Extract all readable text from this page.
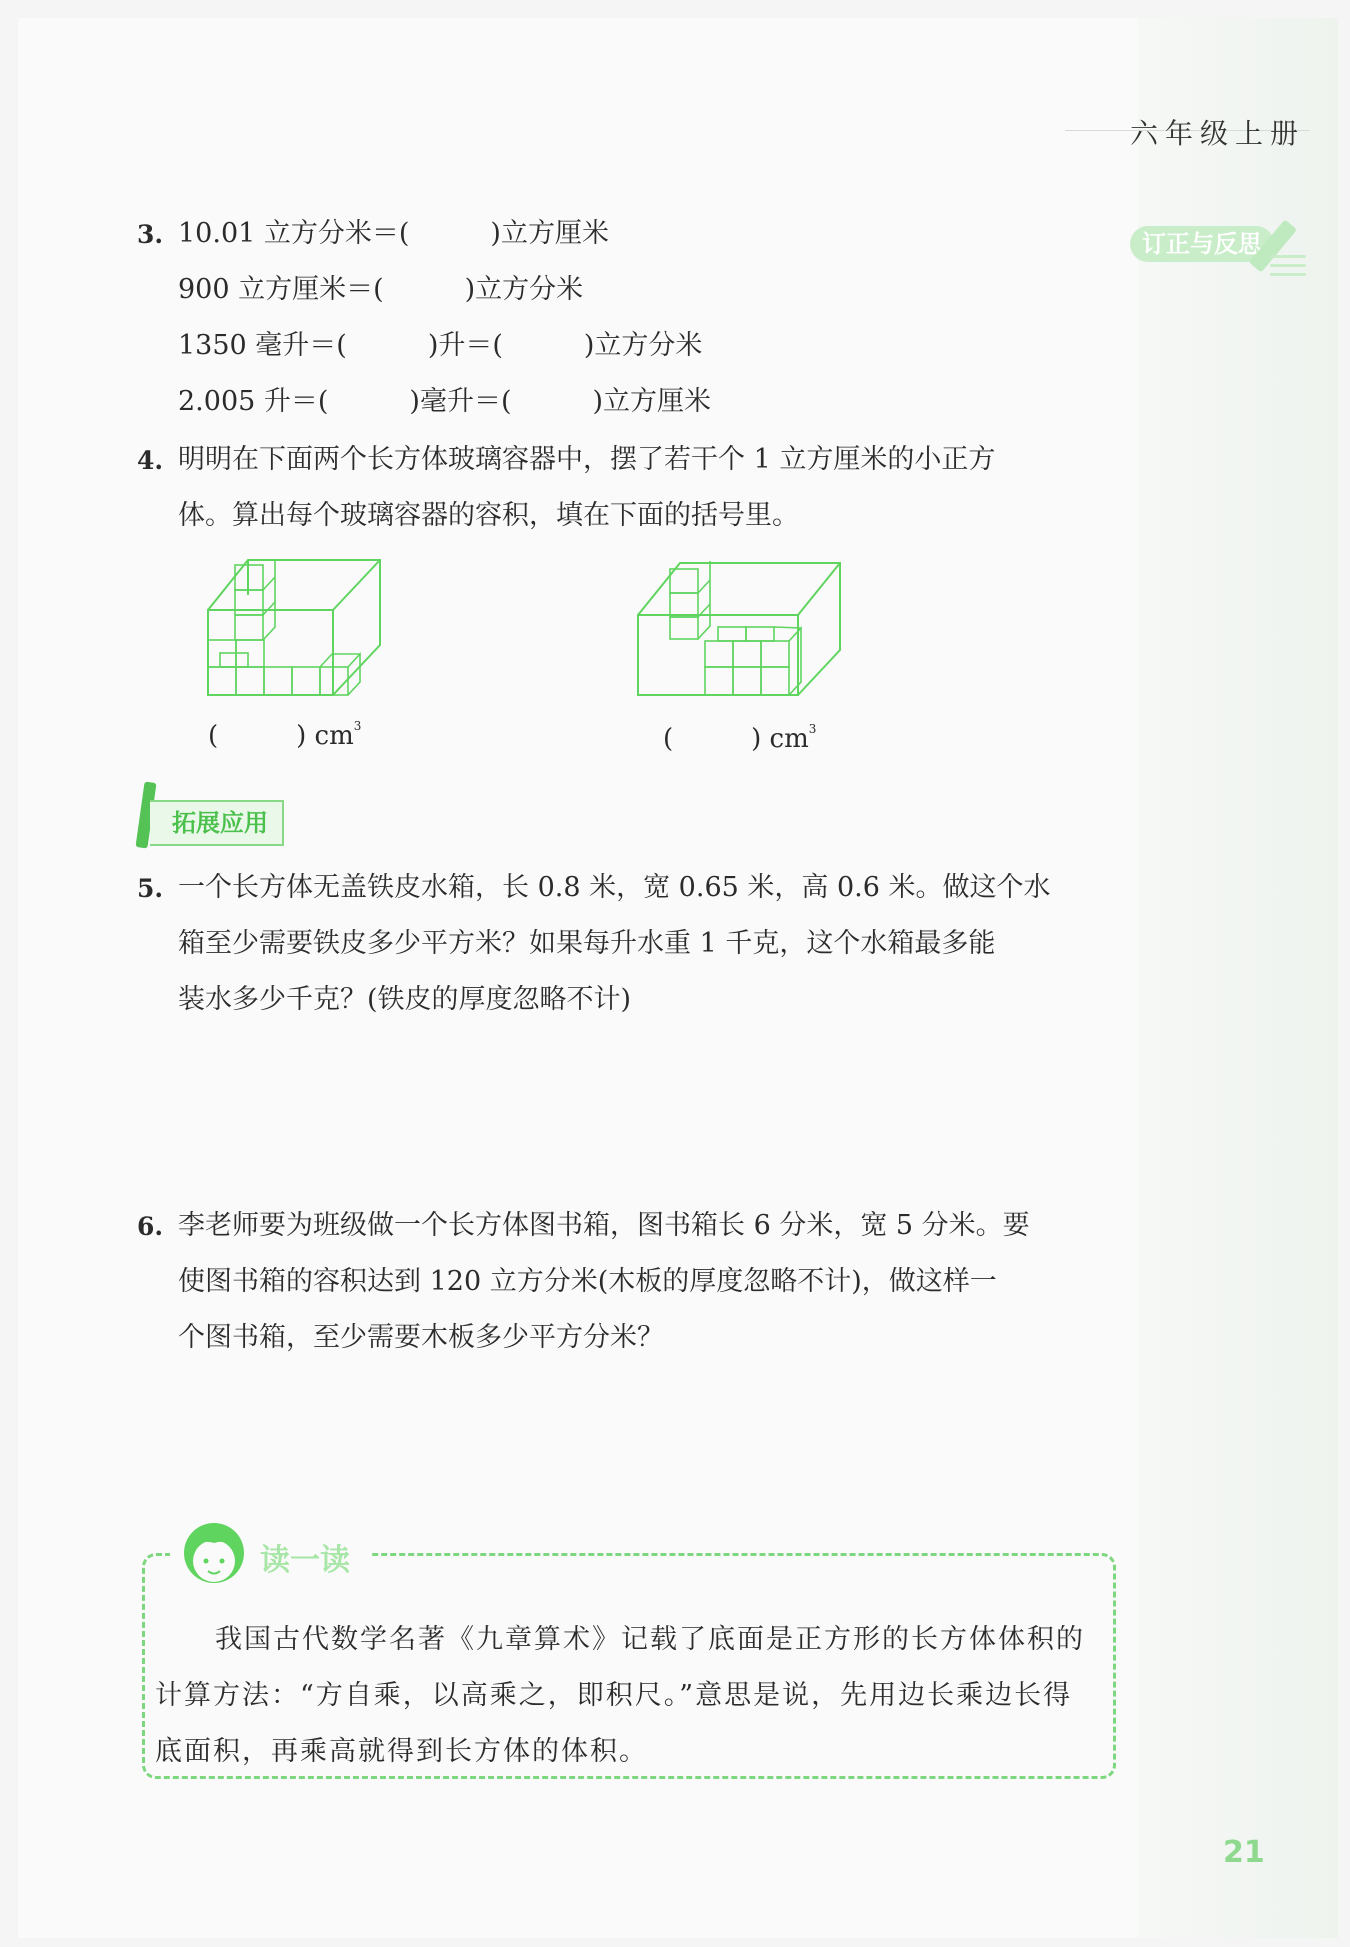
六年级上册
订正与反思
3. 10.01 立方分米＝(　　　)立方厘米
900 立方厘米＝(　　　)立方分米
1350 毫升＝(　　　)升＝(　　　)立方分米
2.005 升＝(　　　)毫升＝(　　　)立方厘米
4. 明明在下面两个长方体玻璃容器中，摆了若干个 1 立方厘米的小正方
体。算出每个玻璃容器的容积，填在下面的括号里。
(　　　) $cm^3$	(　　　) $cm^3$
拓展应用
5. 一个长方体无盖铁皮水箱，长 0.8 米，宽 0.65 米，高 0.6 米。做这个水
箱至少需要铁皮多少平方米？如果每升水重 1 千克，这个水箱最多能
装水多少千克？(铁皮的厚度忽略不计)
6. 李老师要为班级做一个长方体图书箱，图书箱长 6 分米，宽 5 分米。要
使图书箱的容积达到 120 立方分米(木板的厚度忽略不计)，做这样一
个图书箱，至少需要木板多少平方分米？
读一读
我国古代数学名著《九章算术》记载了底面是正方形的长方体体积的计算方法：“方自乘，以高乘之，即积尺。”意思是说，先用边长乘边长得底面积，再乘高就得到长方体的体积。
21
